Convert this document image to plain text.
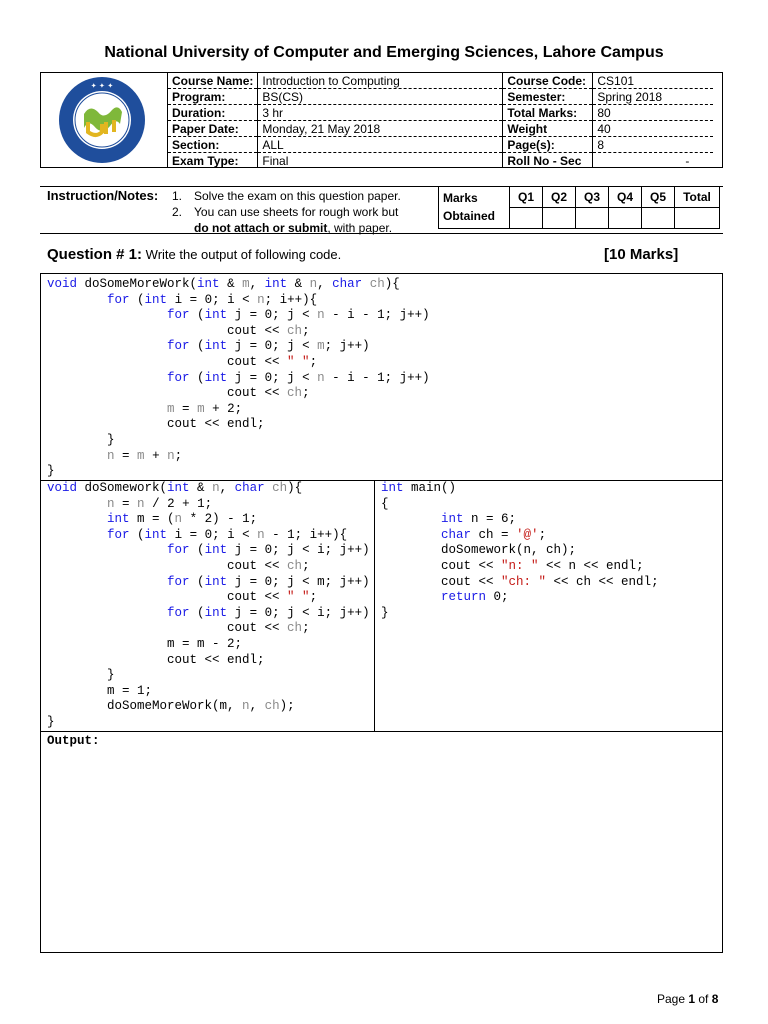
National University of Computer and Emerging Sciences, Lahore Campus
Course Name:	Introduction to Computing	Course Code:	CS101
Program:	BS(CS)	Semester:	Spring 2018
Duration:	3 hr	Total Marks:	80
Paper Date:	Monday, 21 May 2018	Weight	40
Section:	ALL	Page(s):	8
Exam Type:	Final	Roll No - Sec	-
✦ ✦ ✦
Instruction/Notes: 1. Solve the exam on this question paper.
2. You can use sheets for rough work but
do not attach or submit, with paper.
Marks
Obtained	Q1	Q2	Q3	Q4	Q5	Total

Question # 1: Write the output of following code.	[10 Marks]
void doSomeMoreWork(int & m, int & n, char ch){
for (int i = 0; i < n; i++){
for (int j = 0; j < n - i - 1; j++)
cout << ch;
for (int j = 0; j < m; j++)
cout << " ";
for (int j = 0; j < n - i - 1; j++)
cout << ch;
m = m + 2;
cout << endl;
}
n = m + n;
}
void doSomework(int & n, char ch){
n = n / 2 + 1;
int m = (n * 2) - 1;
for (int i = 0; i < n - 1; i++){
for (int j = 0; j < i; j++)
cout << ch;
for (int j = 0; j < m; j++)
cout << " ";
for (int j = 0; j < i; j++)
cout << ch;
m = m - 2;
cout << endl;
}
m = 1;
doSomeMoreWork(m, n, ch);
}
int main()
{
int n = 6;
char ch = '@';
doSomework(n, ch);
cout << "n: " << n << endl;
cout << "ch: " << ch << endl;
return 0;
}
Output:
Page 1 of 8
